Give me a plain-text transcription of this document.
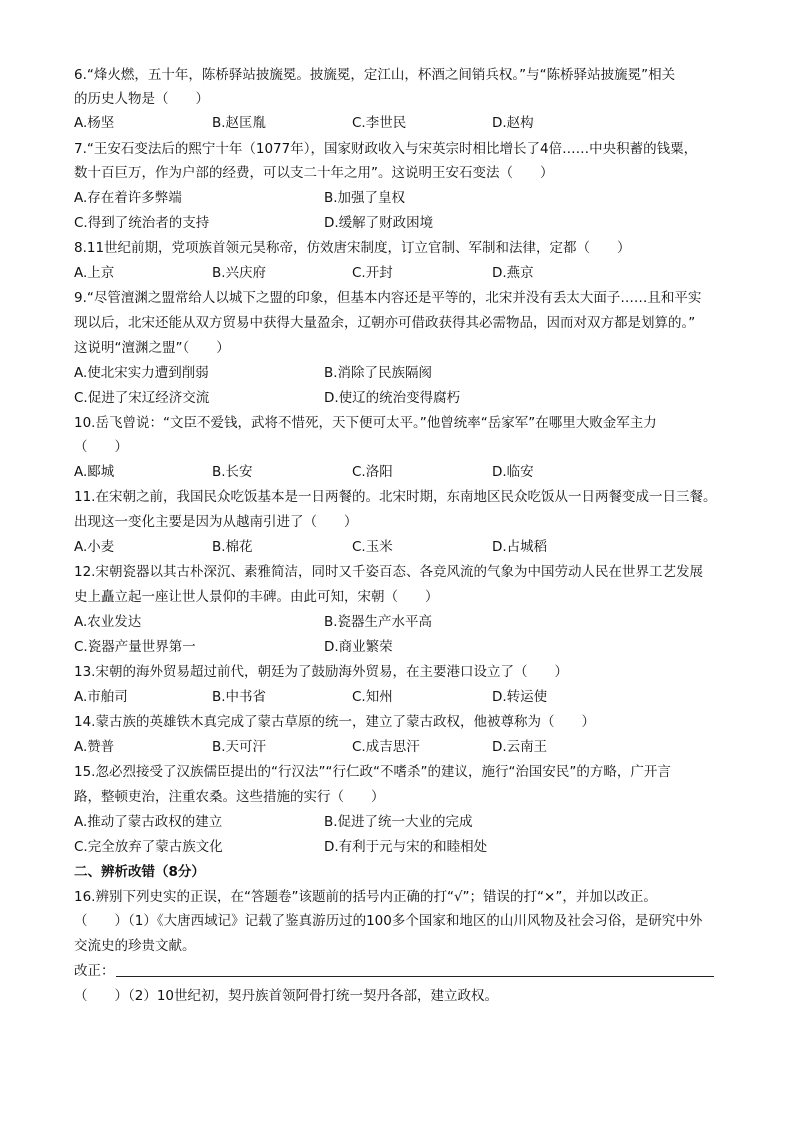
6.“烽火燃，五十年，陈桥驿站披旒冕。披旒冕，定江山，杯酒之间销兵权。”与“陈桥驿站披旒冕”相关
的历史人物是（　　）
A.杨坚	B.赵匡胤	C.李世民	D.赵构
7.“王安石变法后的熙宁十年（1077年），国家财政收入与宋英宗时相比增长了4倍……中央积蓄的钱粟，
数十百巨万，作为户部的经费，可以支二十年之用”。这说明王安石变法（　　）
A.存在着许多弊端	B.加强了皇权
C.得到了统治者的支持	D.缓解了财政困境
8.11世纪前期，党项族首领元昊称帝，仿效唐宋制度，订立官制、军制和法律，定都（　　）
A.上京	B.兴庆府	C.开封	D.燕京
9.“尽管澶渊之盟常给人以城下之盟的印象，但基本内容还是平等的，北宋并没有丢太大面子……且和平实
现以后，北宋还能从双方贸易中获得大量盈余，辽朝亦可借政获得其必需物品，因而对双方都是划算的。”
这说明“澶渊之盟”（　　）
A.使北宋实力遭到削弱	B.消除了民族隔阂
C.促进了宋辽经济交流	D.使辽的统治变得腐朽
10.岳飞曾说：“文臣不爱钱，武将不惜死，天下便可太平。”他曾统率“岳家军”在哪里大败金军主力
（　　）
A.郾城	B.长安	C.洛阳	D.临安
11.在宋朝之前，我国民众吃饭基本是一日两餐的。北宋时期，东南地区民众吃饭从一日两餐变成一日三餐。
出现这一变化主要是因为从越南引进了（　　）
A.小麦	B.棉花	C.玉米	D.占城稻
12.宋朝瓷器以其古朴深沉、素雅简洁，同时又千姿百态、各竞风流的气象为中国劳动人民在世界工艺发展
史上矗立起一座让世人景仰的丰碑。由此可知，宋朝（　　）
A.农业发达	B.瓷器生产水平高
C.瓷器产量世界第一	D.商业繁荣
13.宋朝的海外贸易超过前代，朝廷为了鼓励海外贸易，在主要港口设立了（　　）
A.市舶司	B.中书省	C.知州	D.转运使
14.蒙古族的英雄铁木真完成了蒙古草原的统一，建立了蒙古政权，他被尊称为（　　）
A.赞普	B.天可汗	C.成吉思汗	D.云南王
15.忽必烈接受了汉族儒臣提出的“行汉法”“行仁政“不嗜杀”的建议，施行“治国安民”的方略，广开言
路，整顿吏治，注重农桑。这些措施的实行（　　）
A.推动了蒙古政权的建立	B.促进了统一大业的完成
C.完全放弃了蒙古族文化	D.有利于元与宋的和睦相处
二、辨析改错（8分）
16.辨别下列史实的正误，在“答题卷”该题前的括号内正确的打“√”；错误的打“×”，并加以改正。
（　　）（1）《大唐西域记》记载了鉴真游历过的100多个国家和地区的山川风物及社会习俗，是研究中外
交流史的珍贵文献。
改正：
（　　）（2）10世纪初，契丹族首领阿骨打统一契丹各部，建立政权。
